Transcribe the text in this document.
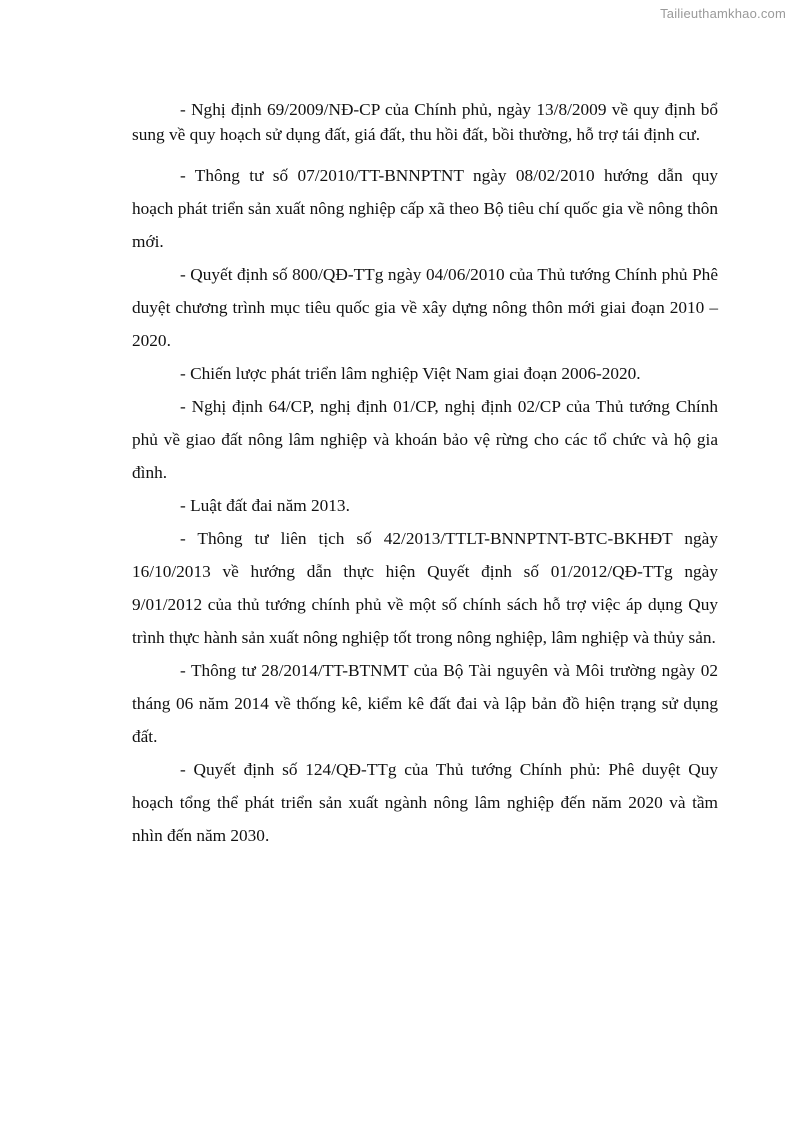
Tailieuthamkhao.com

- Nghị định 69/2009/NĐ-CP của Chính phủ, ngày 13/8/2009 về quy định bổ sung về quy hoạch sử dụng đất, giá đất, thu hồi đất, bồi thường, hỗ trợ tái định cư.

- Thông tư số 07/2010/TT-BNNPTNT ngày 08/02/2010 hướng dẫn quy hoạch phát triển sản xuất nông nghiệp cấp xã theo Bộ tiêu chí quốc gia về nông thôn mới.

- Quyết định số 800/QĐ-TTg ngày 04/06/2010 của Thủ tướng Chính phủ Phê duyệt chương trình mục tiêu quốc gia về xây dựng nông thôn mới giai đoạn 2010 – 2020.

- Chiến lược phát triển lâm nghiệp Việt Nam giai đoạn 2006-2020.

- Nghị định 64/CP, nghị định 01/CP, nghị định 02/CP của Thủ tướng Chính phủ về giao đất nông lâm nghiệp và khoán bảo vệ rừng cho các tổ chức và hộ gia đình.

- Luật đất đai năm 2013.

- Thông tư liên tịch số 42/2013/TTLT-BNNPTNT-BTC-BKHĐT ngày 16/10/2013 về hướng dẫn thực hiện Quyết định số 01/2012/QĐ-TTg ngày 9/01/2012 của thủ tướng chính phủ về một số chính sách hỗ trợ việc áp dụng Quy trình thực hành sản xuất nông nghiệp tốt trong nông nghiệp, lâm nghiệp và thủy sản.

- Thông tư 28/2014/TT-BTNMT của Bộ Tài nguyên và Môi trường ngày 02 tháng 06 năm 2014 về thống kê, kiểm kê đất đai và lập bản đồ hiện trạng sử dụng đất.

- Quyết định số 124/QĐ-TTg của Thủ tướng Chính phủ: Phê duyệt Quy hoạch tổng thể phát triển sản xuất ngành nông lâm nghiệp đến năm 2020 và tầm nhìn đến năm 2030.
